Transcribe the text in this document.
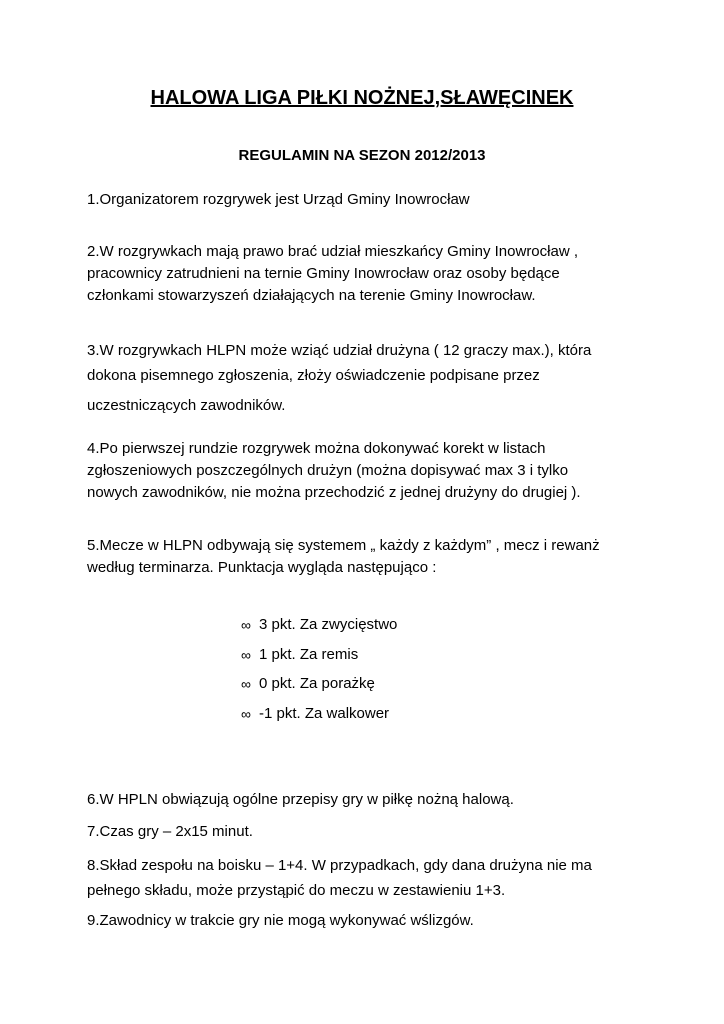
HALOWA LIGA PIŁKI NOŻNEJ,SŁAWĘCINEK
REGULAMIN NA SEZON 2012/2013

1.Organizatorem rozgrywek jest Urząd Gminy Inowrocław

2.W rozgrywkach mają prawo brać udział mieszkańcy Gminy Inowrocław ,
pracownicy zatrudnieni na ternie Gminy Inowrocław oraz osoby będące
członkami stowarzyszeń działających na terenie Gminy Inowrocław.

3.W rozgrywkach HLPN może wziąć udział drużyna ( 12 graczy max.), która
dokona pisemnego zgłoszenia, złoży oświadczenie podpisane przez
uczestniczących zawodników.

4.Po pierwszej rundzie rozgrywek można dokonywać korekt w listach
zgłoszeniowych poszczególnych drużyn (można dopisywać max 3 i tylko
nowych zawodników, nie można przechodzić z jednej drużyny do drugiej ).

5.Mecze w HLPN odbywają się systemem „ każdy z każdym” , mecz i rewanż
według terminarza. Punktacja wygląda następująco :

∞ 3 pkt. Za zwycięstwo
∞ 1 pkt. Za remis
∞ 0 pkt. Za porażkę
∞ -1 pkt. Za walkower

6.W HPLN obwiązują ogólne przepisy gry w piłkę nożną halową.

7.Czas gry – 2x15 minut.

8.Skład zespołu na boisku – 1+4. W przypadkach, gdy dana drużyna nie ma
pełnego składu, może przystąpić do meczu w zestawieniu 1+3.

9.Zawodnicy w trakcie gry nie mogą wykonywać wślizgów.
